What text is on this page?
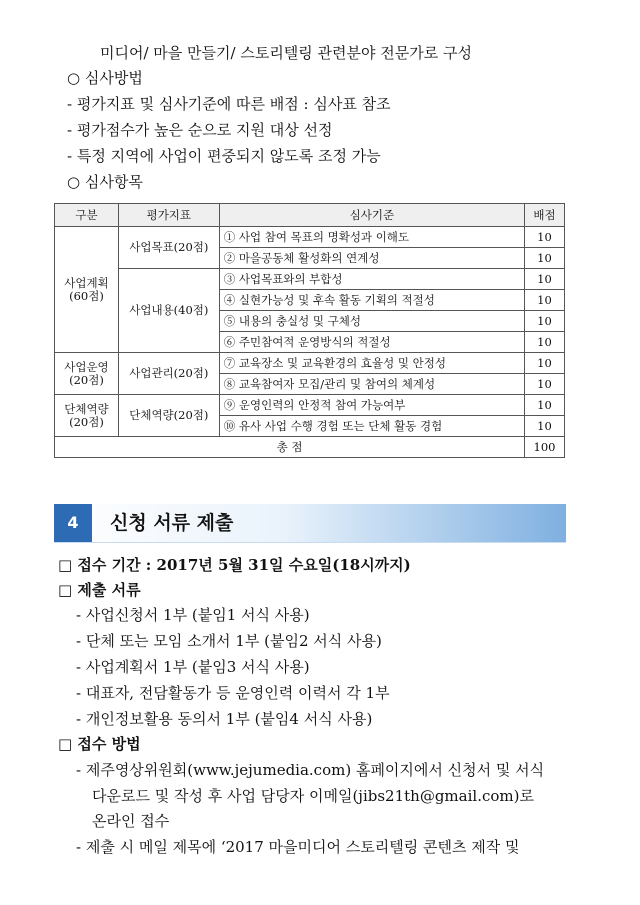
미디어/ 마을 만들기/ 스토리텔링 관련분야 전문가로 구성
○ 심사방법
- 평가지표 및 심사기준에 따른 배점 : 심사표 참조
- 평가점수가 높은 순으로 지원 대상 선정
- 특정 지역에 사업이 편중되지 않도록 조정 가능
○ 심사항목
구분	평가지표	심사기준	배점
사업계획
(60점)	사업목표(20점)	① 사업 참여 목표의 명확성과 이해도	10
		② 마을공동체 활성화의 연계성	10
	사업내용(40점)	③ 사업목표와의 부합성	10
		④ 실현가능성 및 후속 활동 기획의 적절성	10
		⑤ 내용의 충실성 및 구체성	10
		⑥ 주민참여적 운영방식의 적절성	10
사업운영
(20점)	사업관리(20점)	⑦ 교육장소 및 교육환경의 효율성 및 안정성	10
		⑧ 교육참여자 모집/관리 및 참여의 체계성	10
단체역량
(20점)	단체역량(20점)	⑨ 운영인력의 안정적 참여 가능여부	10
		⑩ 유사 사업 수행 경험 또는 단체 활동 경험	10
총 점			100
4	신청 서류 제출
□ 접수 기간 : 2017년 5월 31일 수요일(18시까지)
□ 제출 서류
- 사업신청서 1부 (붙임1 서식 사용)
- 단체 또는 모임 소개서 1부 (붙임2 서식 사용)
- 사업계획서 1부 (붙임3 서식 사용)
- 대표자, 전담활동가 등 운영인력 이력서 각 1부
- 개인정보활용 동의서 1부 (붙임4 서식 사용)
□ 접수 방법
- 제주영상위원회(www.jejumedia.com) 홈페이지에서 신청서 및 서식
다운로드 및 작성 후 사업 담당자 이메일(jibs21th@gmail.com)로
온라인 접수
- 제출 시 메일 제목에 ‘2017 마을미디어 스토리텔링 콘텐츠 제작 및
